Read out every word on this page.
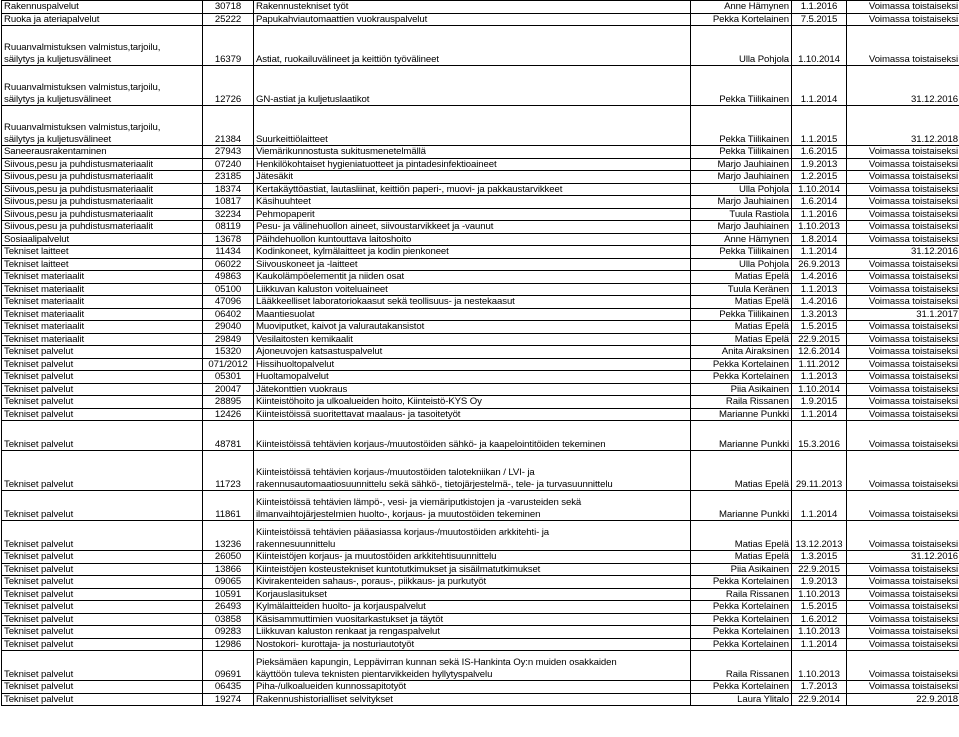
Rakennuspalvelut	30718	Rakennustekniset työt	Anne Hämynen	1.1.2016	Voimassa toistaiseksi

Ruoka ja ateriapalvelut	25222	Papukahviautomaattien vuokrauspalvelut	Pekka Kortelainen	7.5.2015	Voimassa toistaiseksi

Ruuanvalmistuksen valmistus,tarjoilu,
säilytys ja kuljetusvälineet	16379	Astiat, ruokailuvälineet ja keittiön työvälineet	Ulla Pohjola	1.10.2014	Voimassa toistaiseksi

Ruuanvalmistuksen valmistus,tarjoilu,
säilytys ja kuljetusvälineet	12726	GN-astiat ja kuljetuslaatikot	Pekka Tiilikainen	1.1.2014	31.12.2016

Ruuanvalmistuksen valmistus,tarjoilu,
säilytys ja kuljetusvälineet	21384	Suurkeittiölaitteet	Pekka Tiilikainen	1.1.2015	31.12.2018

Saneerausrakentaminen	27943	Viemärikunnostusta sukitusmenetelmällä	Pekka Tiilikainen	1.6.2015	Voimassa toistaiseksi

Siivous,pesu ja puhdistusmateriaalit	07240	Henkilökohtaiset hygieniatuotteet ja pintadesinfektioaineet	Marjo Jauhiainen	1.9.2013	Voimassa toistaiseksi

Siivous,pesu ja puhdistusmateriaalit	23185	Jätesäkit	Marjo Jauhiainen	1.2.2015	Voimassa toistaiseksi

Siivous,pesu ja puhdistusmateriaalit	18374	Kertakäyttöastiat, lautasliinat, keittiön paperi-, muovi- ja pakkaustarvikkeet	Ulla Pohjola	1.10.2014	Voimassa toistaiseksi

Siivous,pesu ja puhdistusmateriaalit	10817	Käsihuuhteet	Marjo Jauhiainen	1.6.2014	Voimassa toistaiseksi

Siivous,pesu ja puhdistusmateriaalit	32234	Pehmopaperit	Tuula Rastiola	1.1.2016	Voimassa toistaiseksi

Siivous,pesu ja puhdistusmateriaalit	08119	Pesu- ja välinehuollon aineet, siivoustarvikkeet ja -vaunut	Marjo Jauhiainen	1.10.2013	Voimassa toistaiseksi

Sosiaalipalvelut	13678	Päihdehuollon kuntouttava laitoshoito	Anne Hämynen	1.8.2014	Voimassa toistaiseksi

Tekniset laitteet	11434	Kodinkoneet, kylmälaitteet ja kodin pienkoneet	Pekka Tiilikainen	1.1.2014	31.12.2016

Tekniset laitteet	06022	Siivouskoneet ja -laitteet	Ulla Pohjola	26.9.2013	Voimassa toistaiseksi

Tekniset materiaalit	49863	Kaukolämpöelementit ja niiden osat	Matias Epelä	1.4.2016	Voimassa toistaiseksi

Tekniset materiaalit	05100	Liikkuvan kaluston voiteluaineet	Tuula Keränen	1.1.2013	Voimassa toistaiseksi

Tekniset materiaalit	47096	Lääkkeelliset laboratoriokaasut sekä teollisuus- ja nestekaasut	Matias Epelä	1.4.2016	Voimassa toistaiseksi

Tekniset materiaalit	06402	Maantiesuolat	Pekka Tiilikainen	1.3.2013	31.1.2017

Tekniset materiaalit	29040	Muoviputket, kaivot ja valurautakansistot	Matias Epelä	1.5.2015	Voimassa toistaiseksi

Tekniset materiaalit	29849	Vesilaitosten kemikaalit	Matias Epelä	22.9.2015	Voimassa toistaiseksi

Tekniset palvelut	15320	Ajoneuvojen katsastuspalvelut	Anita Airaksinen	12.6.2014	Voimassa toistaiseksi

Tekniset palvelut	071/2012	Hissihuoltopalvelut	Pekka Kortelainen	1.11.2012	Voimassa toistaiseksi

Tekniset palvelut	05301	Huoltamopalvelut	Pekka Kortelainen	1.1.2013	Voimassa toistaiseksi

Tekniset palvelut	20047	Jätekonttien vuokraus	Piia Asikainen	1.10.2014	Voimassa toistaiseksi

Tekniset palvelut	28895	Kiinteistöhoito ja ulkoalueiden hoito, Kiinteistö-KYS Oy	Raila Rissanen	1.9.2015	Voimassa toistaiseksi

Tekniset palvelut	12426	Kiinteistöissä suoritettavat maalaus- ja tasoitetyöt	Marianne Punkki	1.1.2014	Voimassa toistaiseksi

Tekniset palvelut	48781	Kiinteistöissä tehtävien korjaus-/muutostöiden sähkö- ja kaapelointitöiden tekeminen	Marianne Punkki	15.3.2016	Voimassa toistaiseksi

Tekniset palvelut	11723	Kiinteistöissä tehtävien korjaus-/muutostöiden talotekniikan / LVI- ja
rakennusautomaatiosuunnittelu sekä sähkö-, tietojärjestelmä-, tele- ja turvasuunnittelu	Matias Epelä	29.11.2013	Voimassa toistaiseksi

Tekniset palvelut	11861	Kiinteistöissä tehtävien lämpö-, vesi- ja viemäriputkistojen ja -varusteiden sekä
ilmanvaihtojärjestelmien huolto-, korjaus- ja muutostöiden tekeminen	Marianne Punkki	1.1.2014	Voimassa toistaiseksi

Tekniset palvelut	13236	Kiinteistöissä tehtävien pääasiassa korjaus-/muutostöiden arkkitehti- ja
rakennesuunnittelu	Matias Epelä	13.12.2013	Voimassa toistaiseksi

Tekniset palvelut	26050	Kiinteistöjen korjaus- ja muutostöiden arkkitehtisuunnittelu	Matias Epelä	1.3.2015	31.12.2016

Tekniset palvelut	13866	Kiinteistöjen kosteustekniset kuntotutkimukset ja sisäilmatutkimukset	Piia Asikainen	22.9.2015	Voimassa toistaiseksi

Tekniset palvelut	09065	Kivirakenteiden sahaus-, poraus-, piikkaus- ja purkutyöt	Pekka Kortelainen	1.9.2013	Voimassa toistaiseksi

Tekniset palvelut	10591	Korjauslasitukset	Raila Rissanen	1.10.2013	Voimassa toistaiseksi

Tekniset palvelut	26493	Kylmälaitteiden huolto- ja korjauspalvelut	Pekka Kortelainen	1.5.2015	Voimassa toistaiseksi

Tekniset palvelut	03858	Käsisammuttimien vuositarkastukset ja täytöt	Pekka Kortelainen	1.6.2012	Voimassa toistaiseksi

Tekniset palvelut	09283	Liikkuvan kaluston renkaat ja rengaspalvelut	Pekka Kortelainen	1.10.2013	Voimassa toistaiseksi

Tekniset palvelut	12986	Nostokori- kurottaja- ja nosturiautotyöt	Pekka Kortelainen	1.1.2014	Voimassa toistaiseksi

Tekniset palvelut	09691	Pieksämäen kapungin, Leppävirran kunnan sekä IS-Hankinta Oy:n muiden osakkaiden
käyttöön tuleva teknisten pientarvikkeiden hyllytyspalvelu	Raila Rissanen	1.10.2013	Voimassa toistaiseksi

Tekniset palvelut	06435	Piha-/ulkoalueiden kunnossapitotyöt	Pekka Kortelainen	1.7.2013	Voimassa toistaiseksi

Tekniset palvelut	19274	Rakennushistorialliset selvitykset	Laura Ylitalo	22.9.2014	22.9.2018
